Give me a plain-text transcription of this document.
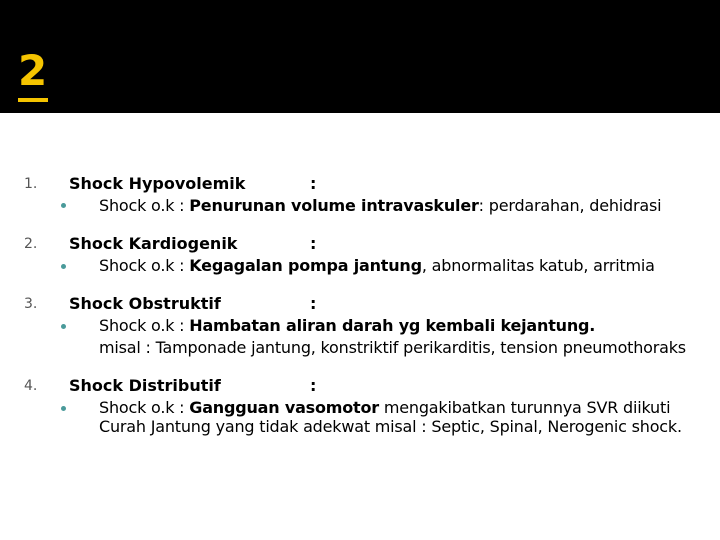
2
1. Shock Hypovolemik	:
Shock o.k : Penurunan volume intravaskuler: perdarahan, dehidrasi
2. Shock Kardiogenik	:
Shock o.k : Kegagalan pompa jantung, abnormalitas katub, arritmia
3. Shock Obstruktif	:
Shock o.k : Hambatan aliran darah yg kembali kejantung.
misal : Tamponade jantung, konstriktif perikarditis, tension pneumothoraks
4. Shock Distributif	:
Shock o.k : Gangguan vasomotor mengakibatkan turunnya SVR diikuti
Curah Jantung yang tidak adekwat misal : Septic, Spinal, Nerogenic shock.
